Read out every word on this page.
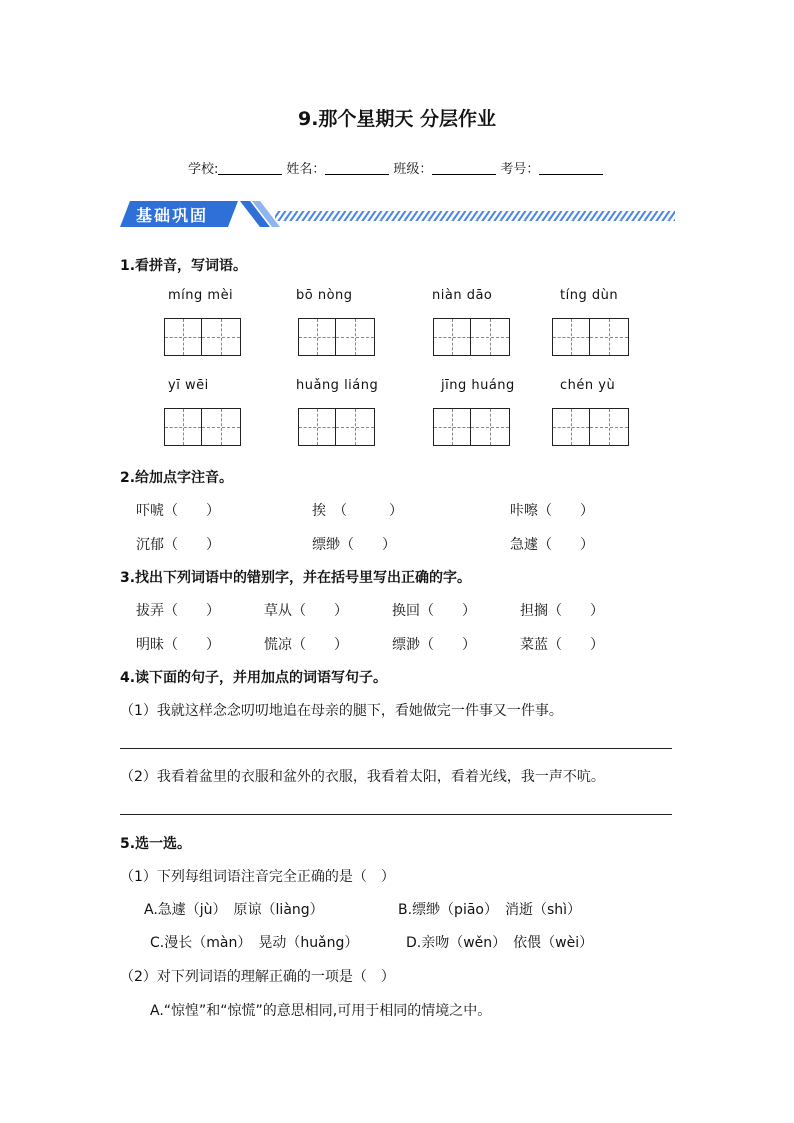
9.那个星期天 分层作业
学校:	姓名：	班级：	考号：
基础巩固
1.看拼音，写词语。
míng mèi	bō nòng	niàn dāo	tíng dùn
yī wēi	huǎng liáng	jīng huáng	chén yù
2.给加点字注音。
吓唬（　　）	挨　（　　　）	咔嚓（　　）
沉郁（　　）	缥缈（　　）	急遽（　　）
3.找出下列词语中的错别字，并在括号里写出正确的字。
拔弄（　　）	草从（　　）	换回（　　）	担搁（　　）
明昧（　　）	慌凉（　　）	缥渺（　　）	菜蓝（　　）
4.读下面的句子，并用加点的词语写句子。
（1）我就这样念念叨叨地追在母亲的腿下，看她做完一件事又一件事。
（2）我看着盆里的衣服和盆外的衣服，我看着太阳，看着光线，我一声不吭。
5.选一选。
（1）下列每组词语注音完全正确的是（　）
A.急遽（jù）　原谅（liàng）	B.缥缈（piāo）　消逝（shì）
C.漫长（màn）　晃动（huǎng）	D.亲吻（wěn）　依偎（wèi）
（2）对下列词语的理解正确的一项是（　）
A.“惊惶”和“惊慌”的意思相同,可用于相同的情境之中。
